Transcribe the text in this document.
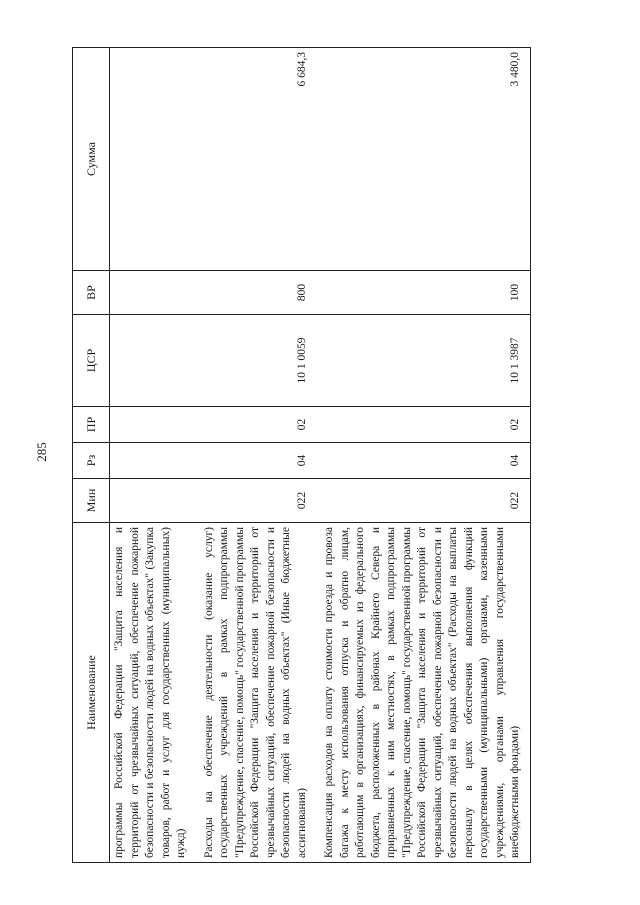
285
Наименование	Мин	Рз	ПР	ЦСР	ВР	Сумма
программы Российской Федерации "Защита населения и территорий от чрезвычайных ситуаций, обеспечение пожарной безопасности и безопасности людей на водных объектах" (Закупка товаров, работ и услуг для государственных (муниципальных) нужд)						
Расходы на обеспечение деятельности (оказание услуг) государственных учреждений в рамках подпрограммы "Предупреждение, спасение, помощь" государственной программы Российской Федерации "Защита населения и территорий от чрезвычайных ситуаций, обеспечение пожарной безопасности и безопасности людей на водных объектах" (Иные бюджетные ассигнования)	022	04	02	10 1 0059	800	6 684,3
Компенсация расходов на оплату стоимости проезда и провоза багажа к месту использования отпуска и обратно лицам, работающим в организациях, финансируемых из федерального бюджета, расположенных в районах Крайнего Севера и приравненных к ним местностях, в рамках подпрограммы "Предупреждение, спасение, помощь" государственной программы Российской Федерации "Защита населения и территорий от чрезвычайных ситуаций, обеспечение пожарной безопасности и безопасности людей на водных объектах" (Расходы на выплаты персоналу в целях обеспечения выполнения функций государственными (муниципальными) органами, казенными учреждениями, органами управления государственными внебюджетными фондами)	022	04	02	10 1 3987	100	3 480,0
